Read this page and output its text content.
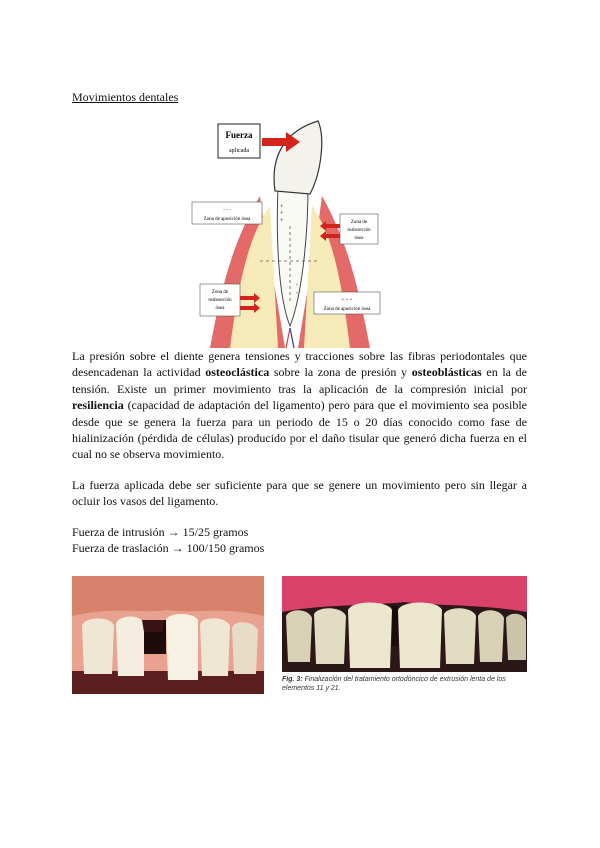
Movimientos dentales
Fuerza
aplicada
- - -
Zona de aposición ósea
+
+
+	Zona de
reabsorción
ósea
Zona de
reabsorción
ósea
+ + +
Zona de aposición ósea
-
-

La presión sobre el diente genera tensiones y tracciones sobre las fibras periodontales que desencadenan la actividad osteoclástica sobre la zona de presión y osteoblásticas en la de tensión. Existe un primer movimiento tras la aplicación de la compresión inicial por resiliencia (capacidad de adaptación del ligamento) pero para que el movimiento sea posible desde que se genera la fuerza para un periodo de 15 o 20 días conocido como fase de hialinización (pérdida de células) producido por el daño tisular que generó dicha fuerza en el cual no se observa movimiento.

La fuerza aplicada debe ser suficiente para que se genere un movimiento pero sin llegar a ocluir los vasos del ligamento.

Fuerza de intrusión → 15/25 gramos
Fuerza de traslación → 100/150 gramos
Fig. 3: Finalización del tratamiento ortodóncico de extrusión lenta de los elementos 11 y 21.
